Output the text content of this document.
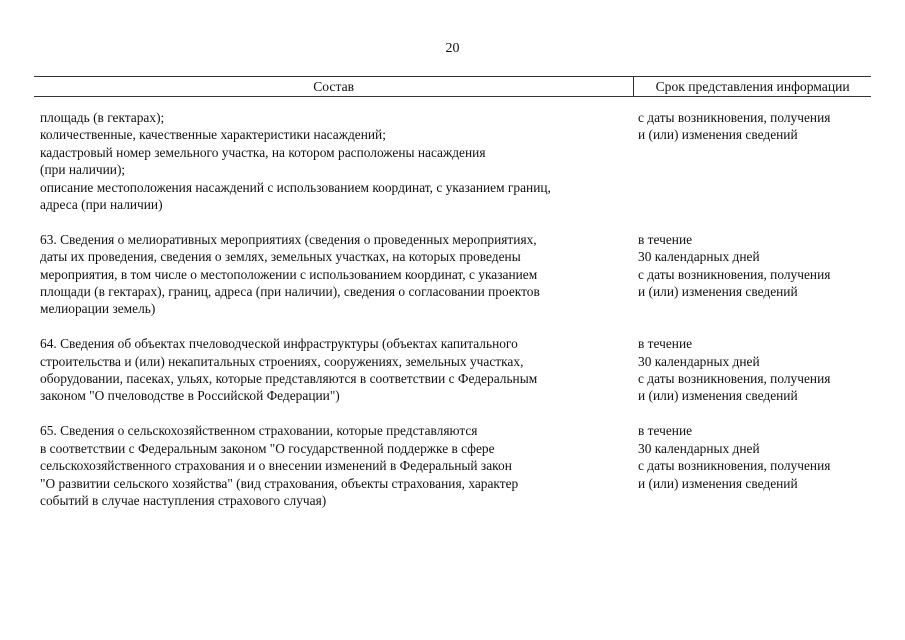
20
Состав	Срок представления информации
площадь (в гектарах);
количественные, качественные характеристики насаждений;
кадастровый номер земельного участка, на котором расположены насаждения
(при наличии);
описание местоположения насаждений с использованием координат, с указанием границ,
адреса (при наличии)
с даты возникновения, получения
и (или) изменения сведений
63. Сведения о мелиоративных мероприятиях (сведения о проведенных мероприятиях,
даты их проведения, сведения о землях, земельных участках, на которых проведены
мероприятия, в том числе о местоположении с использованием координат, с указанием
площади (в гектарах), границ, адреса (при наличии), сведения о согласовании проектов
мелиорации земель)
в течение
30 календарных дней
с даты возникновения, получения
и (или) изменения сведений
64. Сведения об объектах пчеловодческой инфраструктуры (объектах капитального
строительства и (или) некапитальных строениях, сооружениях, земельных участках,
оборудовании, пасеках, ульях, которые представляются в соответствии с Федеральным
законом "О пчеловодстве в Российской Федерации")
в течение
30 календарных дней
с даты возникновения, получения
и (или) изменения сведений
65. Сведения о сельскохозяйственном страховании, которые представляются
в соответствии с Федеральным законом "О государственной поддержке в сфере
сельскохозяйственного страхования и о внесении изменений в Федеральный закон
"О развитии сельского хозяйства" (вид страхования, объекты страхования, характер
событий в случае наступления страхового случая)
в течение
30 календарных дней
с даты возникновения, получения
и (или) изменения сведений
